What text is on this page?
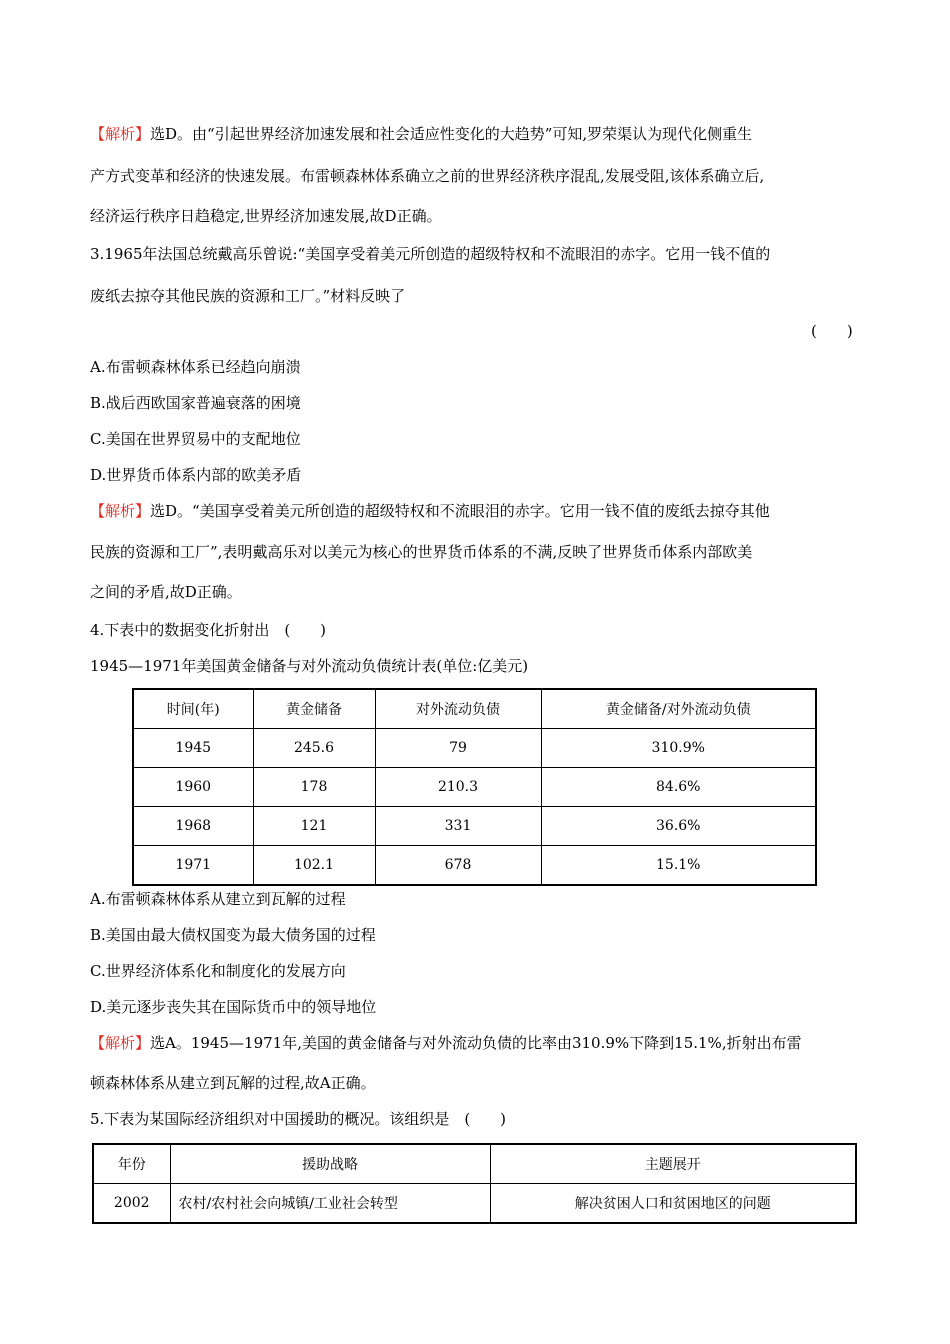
【解析】选D。由“引起世界经济加速发展和社会适应性变化的大趋势”可知,罗荣渠认为现代化侧重生
产方式变革和经济的快速发展。布雷顿森林体系确立之前的世界经济秩序混乱,发展受阻,该体系确立后,
经济运行秩序日趋稳定,世界经济加速发展,故D正确。
3.1965年法国总统戴高乐曾说:“美国享受着美元所创造的超级特权和不流眼泪的赤字。它用一钱不值的
废纸去掠夺其他民族的资源和工厂。”材料反映了
(　　)
A.布雷顿森林体系已经趋向崩溃
B.战后西欧国家普遍衰落的困境
C.美国在世界贸易中的支配地位
D.世界货币体系内部的欧美矛盾
【解析】选D。“美国享受着美元所创造的超级特权和不流眼泪的赤字。它用一钱不值的废纸去掠夺其他
民族的资源和工厂”,表明戴高乐对以美元为核心的世界货币体系的不满,反映了世界货币体系内部欧美
之间的矛盾,故D正确。
4.下表中的数据变化折射出　(　　)
1945—1971年美国黄金储备与对外流动负债统计表(单位:亿美元)
时间(年)	黄金储备	对外流动负债	黄金储备/对外流动负债
1945	245.6	79	310.9%
1960	178	210.3	84.6%
1968	121	331	36.6%
1971	102.1	678	15.1%
A.布雷顿森林体系从建立到瓦解的过程
B.美国由最大债权国变为最大债务国的过程
C.世界经济体系化和制度化的发展方向
D.美元逐步丧失其在国际货币中的领导地位
【解析】选A。1945—1971年,美国的黄金储备与对外流动负债的比率由310.9%下降到15.1%,折射出布雷
顿森林体系从建立到瓦解的过程,故A正确。
5.下表为某国际经济组织对中国援助的概况。该组织是　(　　)
年份	援助战略	主题展开
2002	农村/农村社会向城镇/工业社会转型	解决贫困人口和贫困地区的问题
